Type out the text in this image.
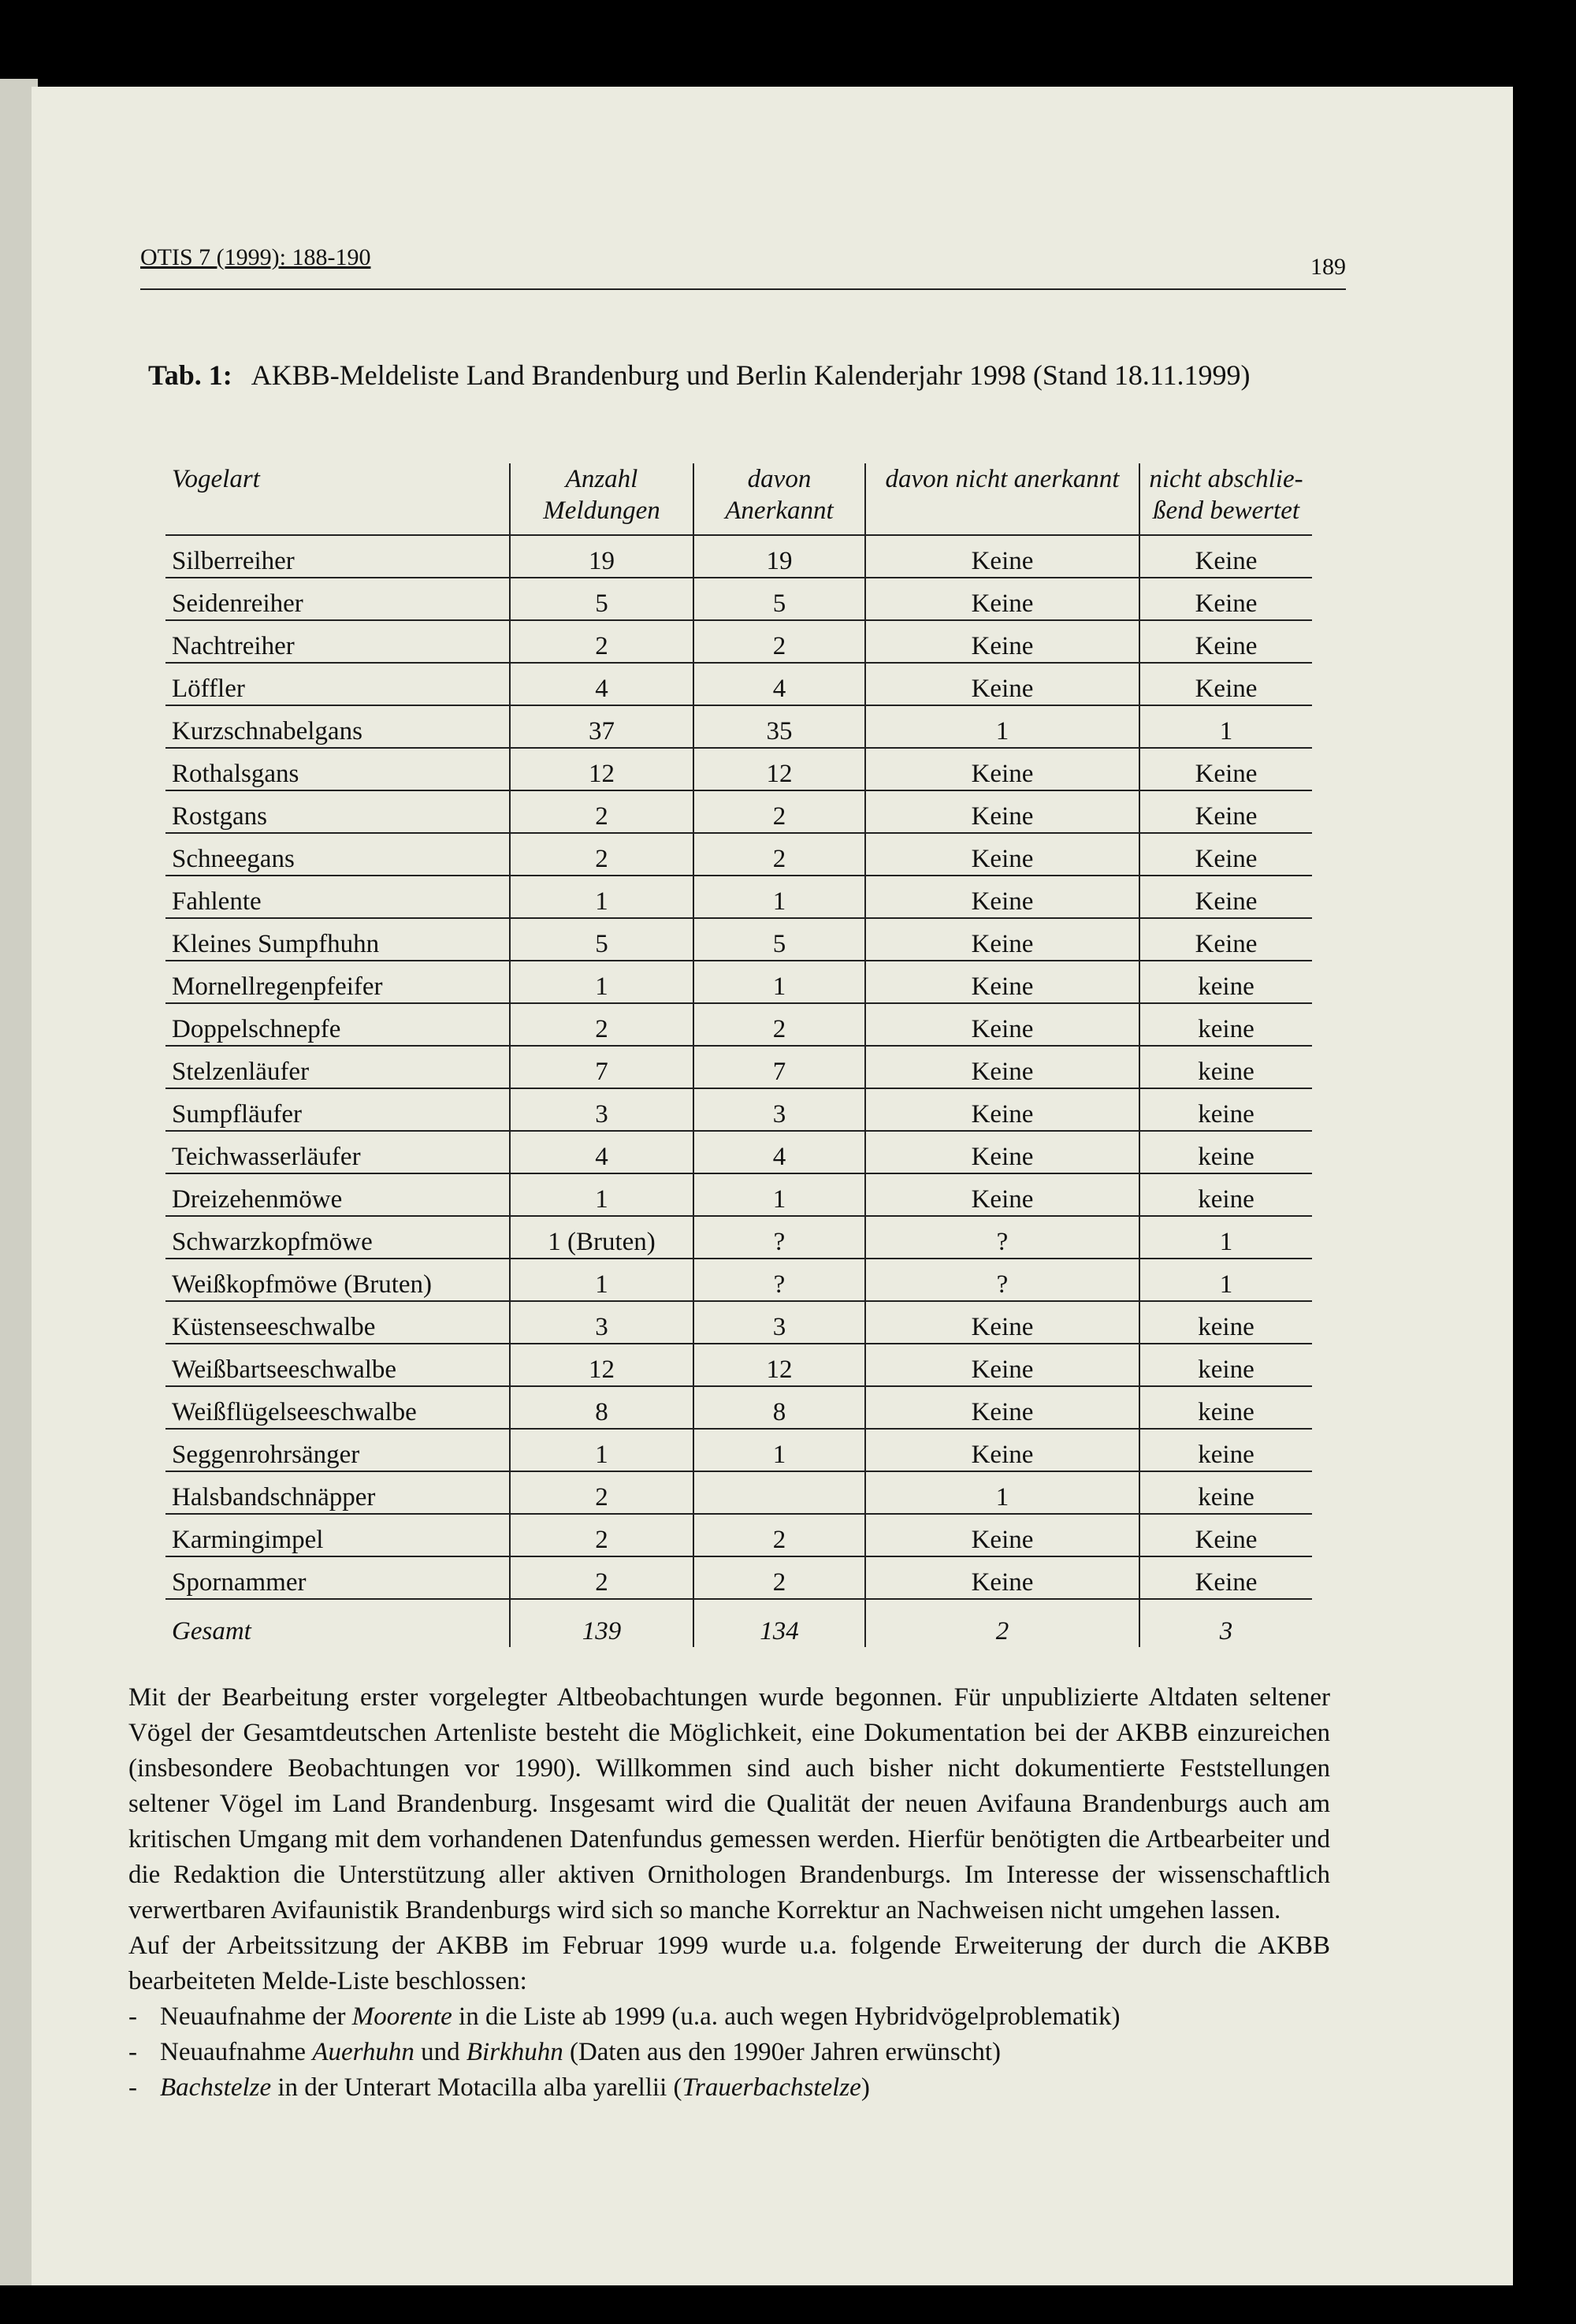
OTIS 7 (1999): 188-190	189
Tab. 1: AKBB-Meldeliste Land Brandenburg und Berlin Kalenderjahr 1998 (Stand 18.11.1999)
Vogelart	Anzahl Meldungen	davon Anerkannt	davon nicht anerkannt	nicht abschlie-ßend bewertet
Silberreiher	19	19	Keine	Keine
Seidenreiher	5	5	Keine	Keine
Nachtreiher	2	2	Keine	Keine
Löffler	4	4	Keine	Keine
Kurzschnabelgans	37	35	1	1
Rothalsgans	12	12	Keine	Keine
Rostgans	2	2	Keine	Keine
Schneegans	2	2	Keine	Keine
Fahlente	1	1	Keine	Keine
Kleines Sumpfhuhn	5	5	Keine	Keine
Mornellregenpfeifer	1	1	Keine	keine
Doppelschnepfe	2	2	Keine	keine
Stelzenläufer	7	7	Keine	keine
Sumpfläufer	3	3	Keine	keine
Teichwasserläufer	4	4	Keine	keine
Dreizehenmöwe	1	1	Keine	keine
Schwarzkopfmöwe	1 (Bruten)	?	?	1
Weißkopfmöwe (Bruten)	1	?	?	1
Küstenseeschwalbe	3	3	Keine	keine
Weißbartseeschwalbe	12	12	Keine	keine
Weißflügelseeschwalbe	8	8	Keine	keine
Seggenrohrsänger	1	1	Keine	keine
Halsbandschnäpper	2		1	keine
Karmingimpel	2	2	Keine	Keine
Spornammer	2	2	Keine	Keine
Gesamt	139	134	2	3

Mit der Bearbeitung erster vorgelegter Altbeobachtungen wurde begonnen. Für unpublizierte Altdaten seltener Vögel der Gesamtdeutschen Artenliste besteht die Möglichkeit, eine Dokumentation bei der AKBB einzureichen (insbesondere Beobachtungen vor 1990). Willkommen sind auch bisher nicht dokumentierte Feststellungen seltener Vögel im Land Brandenburg. Insgesamt wird die Qualität der neuen Avifauna Brandenburgs auch am kritischen Umgang mit dem vorhandenen Datenfundus gemessen werden. Hierfür benötigten die Artbearbeiter und die Redaktion die Unterstützung aller aktiven Ornithologen Brandenburgs. Im Interesse der wissenschaftlich verwertbaren Avifaunistik Brandenburgs wird sich so manche Korrektur an Nachweisen nicht umgehen lassen.

Auf der Arbeitssitzung der AKBB im Februar 1999 wurde u.a. folgende Erweiterung der durch die AKBB bearbeiteten Melde-Liste beschlossen:

- Neuaufnahme der Moorente in die Liste ab 1999 (u.a. auch wegen Hybridvögelproblematik)
- Neuaufnahme Auerhuhn und Birkhuhn (Daten aus den 1990er Jahren erwünscht)
- Bachstelze in der Unterart Motacilla alba yarellii (Trauerbachstelze)
